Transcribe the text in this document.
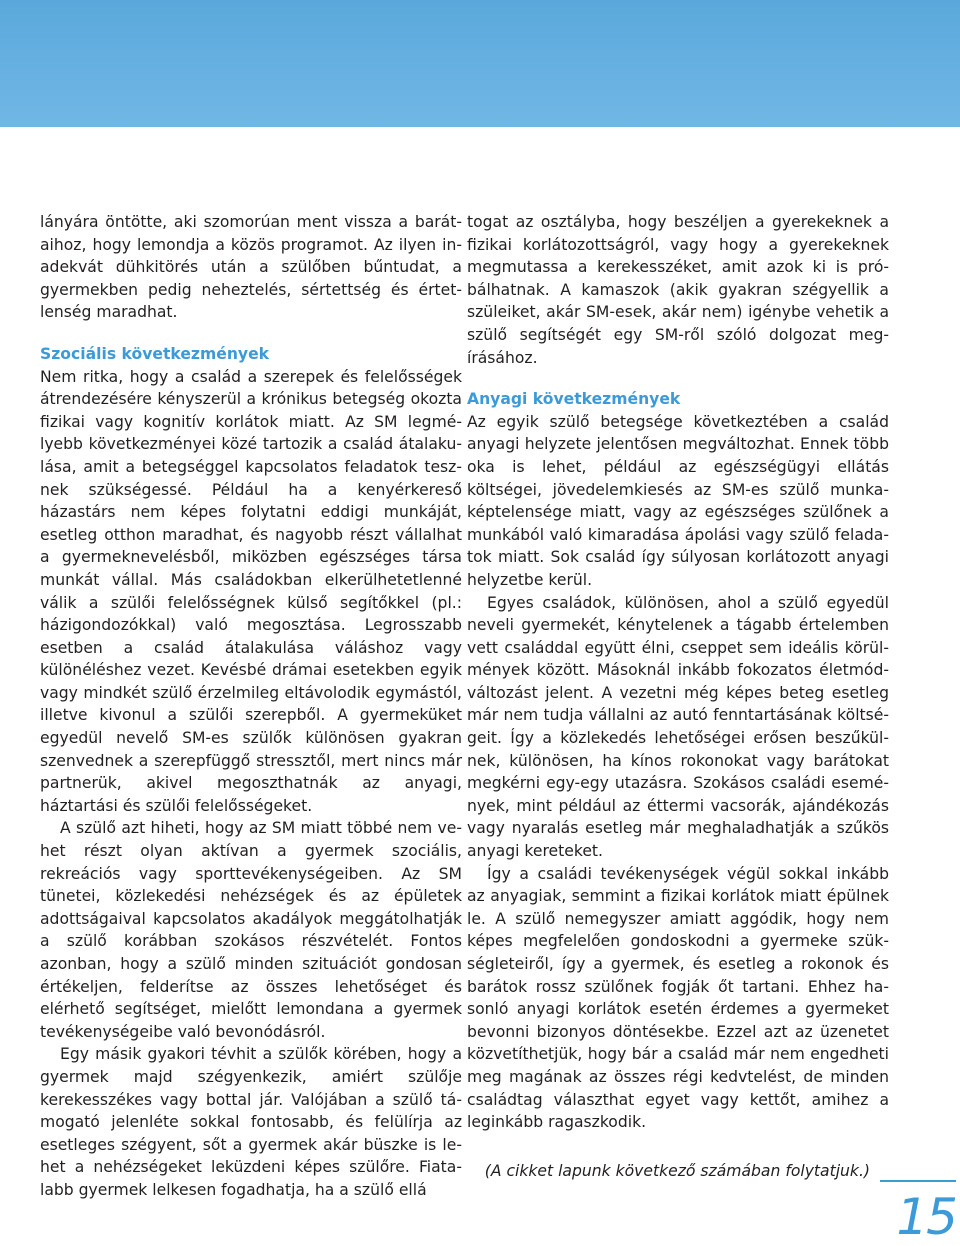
lányára öntötte, aki szomorúan ment vissza a barátaihoz, hogy lemondja a közös programot. Az ilyen inadekvát dühkitörés után a szülőben bűntudat, a gyermekben pedig neheztelés, sértettség és értetlenség maradhat.

Szociális következmények

Nem ritka, hogy a család a szerepek és felelősségek átrendezésére kényszerül a krónikus betegség okozta fizikai vagy kognitív korlátok miatt. Az SM legmélyebb következményei közé tartozik a család átalakulása, amit a betegséggel kapcsolatos feladatok tesznek szükségessé. Például ha a kenyérkereső házastárs nem képes folytatni eddigi munkáját, esetleg otthon maradhat, és nagyobb részt vállalhat a gyermeknevelésből, miközben egészséges társa munkát vállal. Más családokban elkerülhetetlenné válik a szülői felelősségnek külső segítőkkel (pl.: házigondozókkal) való megosztása. Legrosszabb esetben a család átalakulása váláshoz vagy különéléshez vezet. Kevésbé drámai esetekben egyik vagy mindkét szülő érzelmileg eltávolodik egymástól, illetve kivonul a szülői szerepből. A gyermeküket egyedül nevelő SM-es szülők különösen gyakran szenvednek a szerepfüggő stressztől, mert nincs már partnerük, akivel megoszthatnák az anyagi, háztartási és szülői felelősségeket.

A szülő azt hiheti, hogy az SM miatt többé nem vehet részt olyan aktívan a gyermek szociális, rekreációs vagy sporttevékenységeiben. Az SM tünetei, közlekedési nehézségek és az épületek adottságaival kapcsolatos akadályok meggátolhatják a szülő korábban szokásos részvételét. Fontos azonban, hogy a szülő minden szituációt gondosan értékeljen, felderítse az összes lehetőséget és elérhető segítséget, mielőtt lemondana a gyermek tevékenységeibe való bevonódásról.

Egy másik gyakori tévhit a szülők körében, hogy a gyermek majd szégyenkezik, amiért szülője kerekesszékes vagy bottal jár. Valójában a szülő támogató jelenléte sokkal fontosabb, és felülírja az esetleges szégyent, sőt a gyermek akár büszke is lehet a nehézségeket leküzdeni képes szülőre. Fiatalabb gyermek lelkesen fogadhatja, ha a szülő ellá

togat az osztályba, hogy beszéljen a gyerekeknek a fizikai korlátozottságról, vagy hogy a gyerekeknek megmutassa a kerekesszéket, amit azok ki is próbálhatnak. A kamaszok (akik gyakran szégyellik a szüleiket, akár SM-esek, akár nem) igénybe vehetik a szülő segítségét egy SM-ről szóló dolgozat megírásához.

Anyagi következmények

Az egyik szülő betegsége következtében a család anyagi helyzete jelentősen megváltozhat. Ennek több oka is lehet, például az egészségügyi ellátás költségei, jövedelemkiesés az SM-es szülő munkaképtelensége miatt, vagy az egészséges szülőnek a munkából való kimaradása ápolási vagy szülő feladatok miatt. Sok család így súlyosan korlátozott anyagi helyzetbe kerül.

Egyes családok, különösen, ahol a szülő egyedül neveli gyermekét, kénytelenek a tágabb értelemben vett családdal együtt élni, cseppet sem ideális körülmények között. Másoknál inkább fokozatos életmódváltozást jelent. A vezetni még képes beteg esetleg már nem tudja vállalni az autó fenntartásának költségeit. Így a közlekedés lehetőségei erősen beszűkülnek, különösen, ha kínos rokonokat vagy barátokat megkérni egy-egy utazásra. Szokásos családi események, mint például az éttermi vacsorák, ajándékozás vagy nyaralás esetleg már meghaladhatják a szűkös anyagi kereteket.

Így a családi tevékenységek végül sokkal inkább az anyagiak, semmint a fizikai korlátok miatt épülnek le. A szülő nemegyszer amiatt aggódik, hogy nem képes megfelelően gondoskodni a gyermeke szükségleteiről, így a gyermek, és esetleg a rokonok és barátok rossz szülőnek fogják őt tartani. Ehhez hasonló anyagi korlátok esetén érdemes a gyermeket bevonni bizonyos döntésekbe. Ezzel azt az üzenetet közvetíthetjük, hogy bár a család már nem engedheti meg magának az összes régi kedvtelést, de minden családtag választhat egyet vagy kettőt, amihez a leginkább ragaszkodik.

(A cikket lapunk következő számában folytatjuk.)
15
